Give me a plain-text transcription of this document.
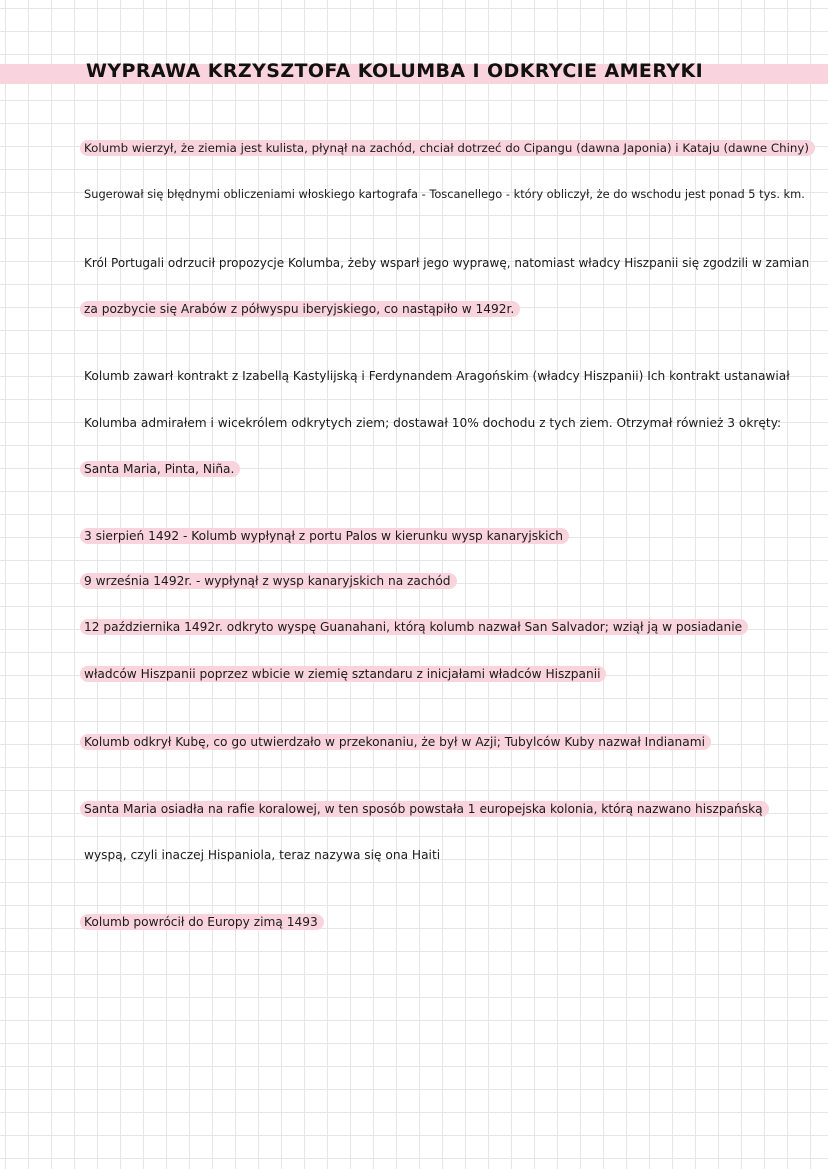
WYPRAWA KRZYSZTOFA KOLUMBA I ODKRYCIE AMERYKI
Kolumb wierzył, że ziemia jest kulista, płynął na zachód, chciał dotrzeć do Cipangu (dawna Japonia) i Kataju (dawne Chiny)
Sugerował się błędnymi obliczeniami włoskiego kartografa - Toscanellego - który obliczył, że do wschodu jest ponad 5 tys. km.
Król Portugali odrzucił propozycje Kolumba, żeby wsparł jego wyprawę, natomiast władcy Hiszpanii się zgodzili w zamian
za pozbycie się Arabów z półwyspu iberyjskiego, co nastąpiło w 1492r.
Kolumb zawarł kontrakt z Izabellą Kastylijską i Ferdynandem Aragońskim (władcy Hiszpanii) Ich kontrakt ustanawiał
Kolumba admirałem i wicekrólem odkrytych ziem; dostawał 10% dochodu z tych ziem. Otrzymał również 3 okręty:
Santa Maria, Pinta, Niña.
3 sierpień 1492 - Kolumb wypłynął z portu Palos w kierunku wysp kanaryjskich
9 września 1492r. - wypłynął z wysp kanaryjskich na zachód
12 października 1492r. odkryto wyspę Guanahani, którą kolumb nazwał San Salvador; wziął ją w posiadanie
władców Hiszpanii poprzez wbicie w ziemię sztandaru z inicjałami władców Hiszpanii
Kolumb odkrył Kubę, co go utwierdzało w przekonaniu, że był w Azji; Tubylców Kuby nazwał Indianami
Santa Maria osiadła na rafie koralowej, w ten sposób powstała 1 europejska kolonia, którą nazwano hiszpańską
wyspą, czyli inaczej Hispaniola, teraz nazywa się ona Haiti
Kolumb powrócił do Europy zimą 1493
